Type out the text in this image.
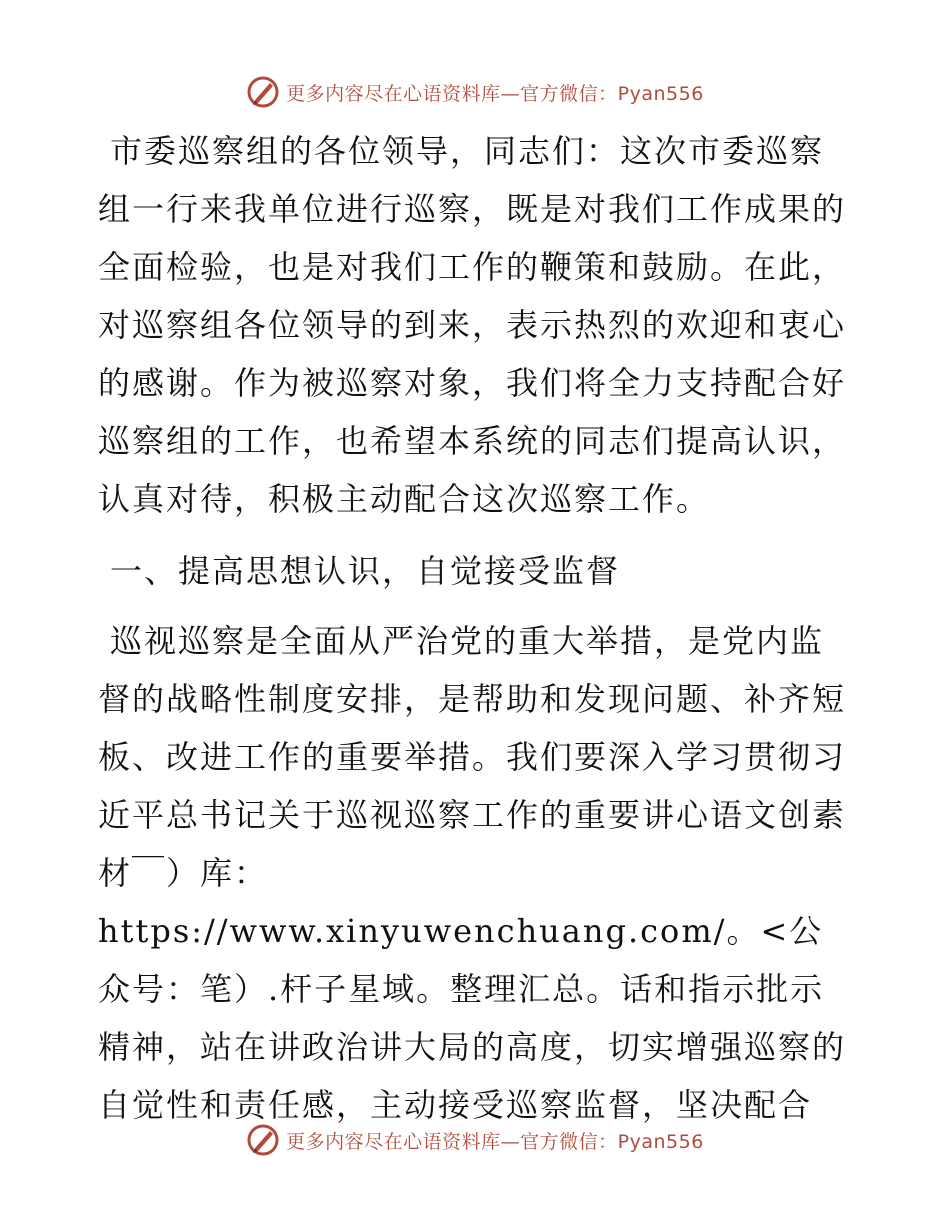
更多内容尽在心语资料库—官方微信：Pyan556

市委巡察组的各位领导，同志们：这次市委巡察组一行来我单位进行巡察，既是对我们工作成果的全面检验，也是对我们工作的鞭策和鼓励。在此，对巡察组各位领导的到来，表示热烈的欢迎和衷心的感谢。作为被巡察对象，我们将全力支持配合好巡察组的工作，也希望本系统的同志们提高认识，认真对待，积极主动配合这次巡察工作。

一、提高思想认识，自觉接受监督

巡视巡察是全面从严治党的重大举措，是党内监督的战略性制度安排，是帮助和发现问题、补齐短板、改进工作的重要举措。我们要深入学习贯彻习近平总书记关于巡视巡察工作的重要讲心语文创素材￣）库：https://www.xinyuwenchuang.com/。<公众号：笔）.杆子星域。整理汇总。话和指示批示精神，站在讲政治讲大局的高度，切实增强巡察的自觉性和责任感，主动接受巡察监督，坚决配合

更多内容尽在心语资料库—官方微信：Pyan556
